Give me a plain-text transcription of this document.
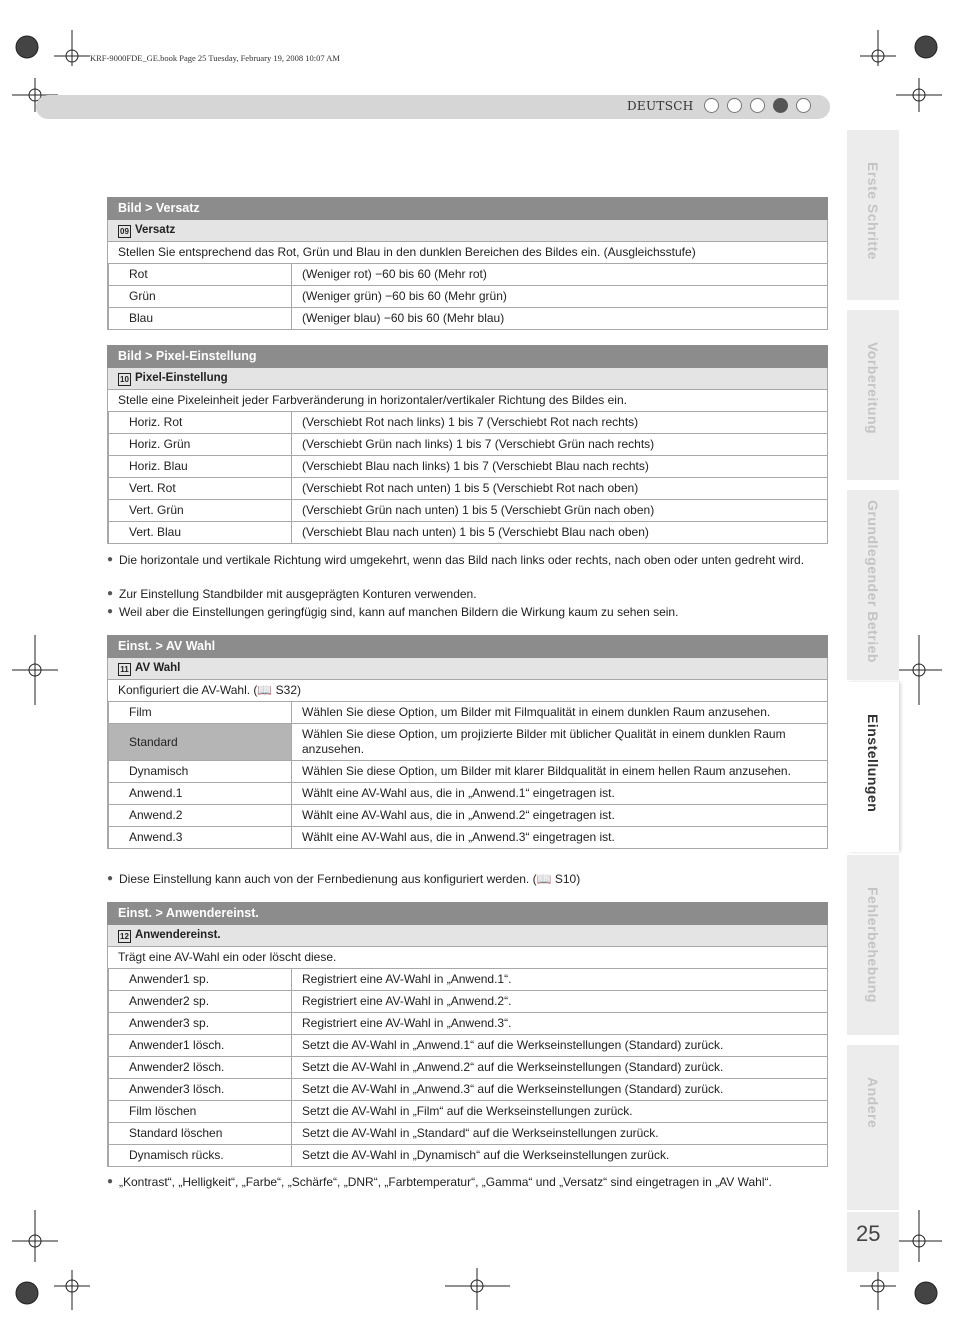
KRF-9000FDE_GE.book Page 25 Tuesday, February 19, 2008 10:07 AM
DEUTSCH
Erste Schritte
Vorbereitung
Grundlegender Betrieb
Einstellungen
Fehlerbehebung
Andere
25
Bild > Versatz	
09 Versatz	
Stellen Sie entsprechend das Rot, Grün und Blau in den dunklen Bereichen des Bildes ein. (Ausgleichsstufe)	
	Rot	(Weniger rot) −60 bis 60 (Mehr rot)
Grün	(Weniger grün) −60 bis 60 (Mehr grün)
Blau	(Weniger blau) −60 bis 60 (Mehr blau)
Bild > Pixel-Einstellung	
10 Pixel-Einstellung	
Stelle eine Pixeleinheit jeder Farbveränderung in horizontaler/vertikaler Richtung des Bildes ein.	
	Horiz. Rot	(Verschiebt Rot nach links) 1 bis 7 (Verschiebt Rot nach rechts)
Horiz. Grün	(Verschiebt Grün nach links) 1 bis 7 (Verschiebt Grün nach rechts)
Horiz. Blau	(Verschiebt Blau nach links) 1 bis 7 (Verschiebt Blau nach rechts)
Vert. Rot	(Verschiebt Rot nach unten) 1 bis 5 (Verschiebt Rot nach oben)
Vert. Grün	(Verschiebt Grün nach unten) 1 bis 5 (Verschiebt Grün nach oben)
Vert. Blau	(Verschiebt Blau nach unten) 1 bis 5 (Verschiebt Blau nach oben)
● Die horizontale und vertikale Richtung wird umgekehrt, wenn das Bild nach links oder rechts, nach oben oder unten gedreht wird.
● Zur Einstellung Standbilder mit ausgeprägten Konturen verwenden.
● Weil aber die Einstellungen geringfügig sind, kann auf manchen Bildern die Wirkung kaum zu sehen sein.
Einst. > AV Wahl	
11 AV Wahl	
Konfiguriert die AV-Wahl. (📖 S32)	
	Film	Wählen Sie diese Option, um Bilder mit Filmqualität in einem dunklen Raum anzusehen.
Standard	Wählen Sie diese Option, um projizierte Bilder mit üblicher Qualität in einem dunklen Raum anzusehen.
Dynamisch	Wählen Sie diese Option, um Bilder mit klarer Bildqualität in einem hellen Raum anzusehen.
Anwend.1	Wählt eine AV-Wahl aus, die in „Anwend.1“ eingetragen ist.
Anwend.2	Wählt eine AV-Wahl aus, die in „Anwend.2“ eingetragen ist.
Anwend.3	Wählt eine AV-Wahl aus, die in „Anwend.3“ eingetragen ist.
● Diese Einstellung kann auch von der Fernbedienung aus konfiguriert werden. (📖 S10)
Einst. > Anwendereinst.	
12 Anwendereinst.	
Trägt eine AV-Wahl ein oder löscht diese.	
	Anwender1 sp.	Registriert eine AV-Wahl in „Anwend.1“.
Anwender2 sp.	Registriert eine AV-Wahl in „Anwend.2“.
Anwender3 sp.	Registriert eine AV-Wahl in „Anwend.3“.
Anwender1 lösch.	Setzt die AV-Wahl in „Anwend.1“ auf die Werkseinstellungen (Standard) zurück.
Anwender2 lösch.	Setzt die AV-Wahl in „Anwend.2“ auf die Werkseinstellungen (Standard) zurück.
Anwender3 lösch.	Setzt die AV-Wahl in „Anwend.3“ auf die Werkseinstellungen (Standard) zurück.
Film löschen	Setzt die AV-Wahl in „Film“ auf die Werkseinstellungen zurück.
Standard löschen	Setzt die AV-Wahl in „Standard“ auf die Werkseinstellungen zurück.
Dynamisch rücks.	Setzt die AV-Wahl in „Dynamisch“ auf die Werkseinstellungen zurück.
● „Kontrast“, „Helligkeit“, „Farbe“, „Schärfe“, „DNR“, „Farbtemperatur“, „Gamma“ und „Versatz“ sind eingetragen in „AV Wahl“.
